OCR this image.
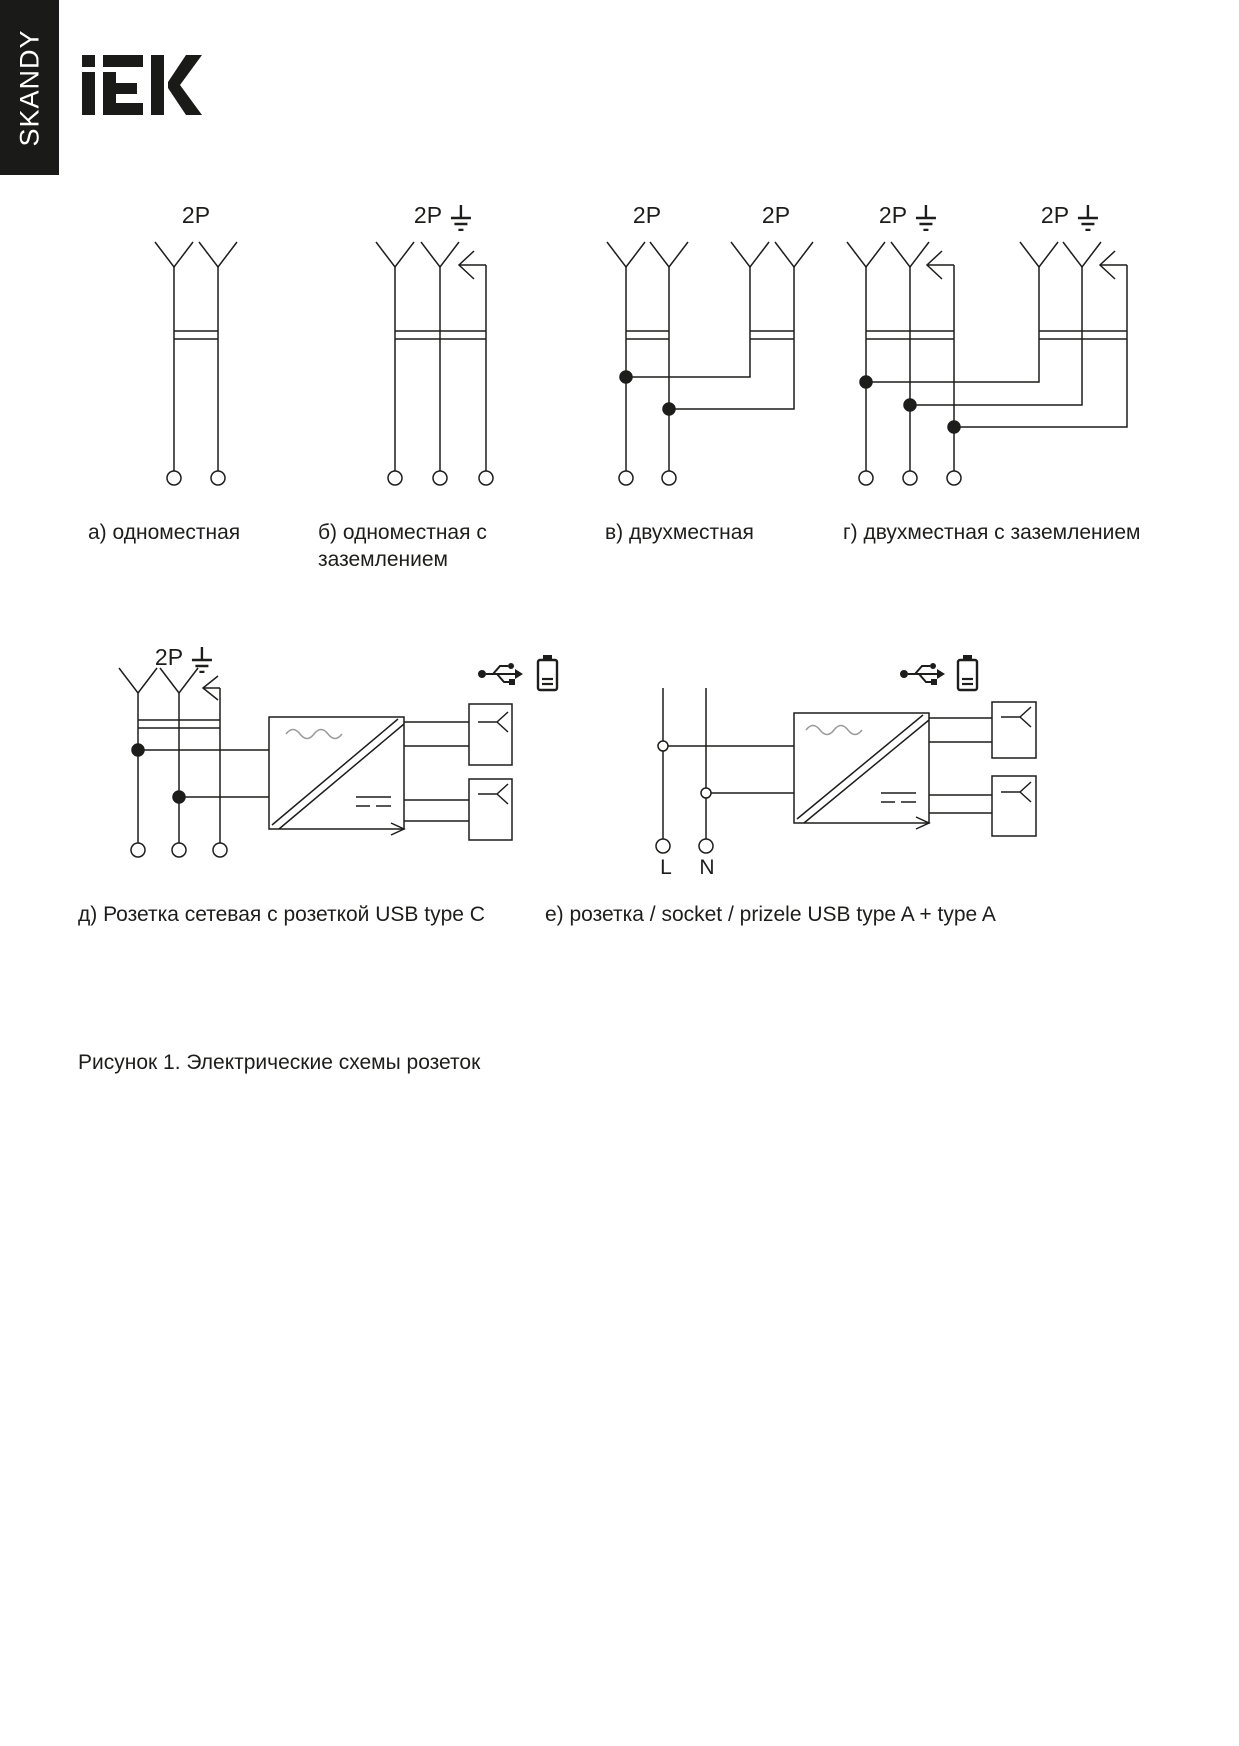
SKANDY
2P	2P	2P	2P	2P	2P
2P
а) одноместная	б) одноместная с
заземлением
в) двухместная	г) двухместная с заземлением
L N
д) Розетка сетевая с розеткой USB type C	е) розетка / socket / prizele USB type A + type A
Рисунок 1. Электрические схемы розеток
